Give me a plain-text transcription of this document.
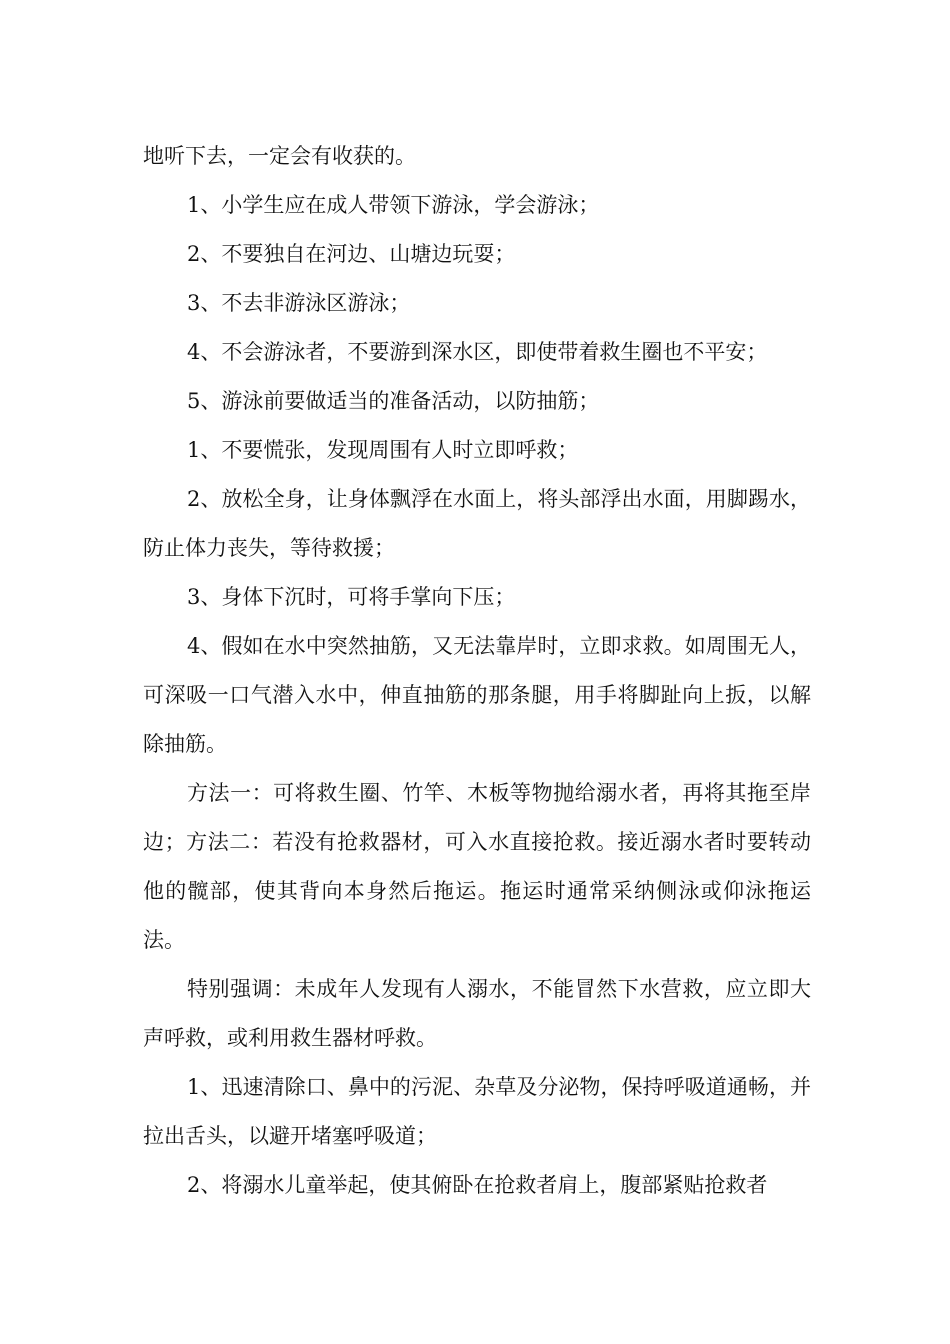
地听下去，一定会有收获的。

1、小学生应在成人带领下游泳，学会游泳；

2、不要独自在河边、山塘边玩耍；

3、不去非游泳区游泳；

4、不会游泳者，不要游到深水区，即使带着救生圈也不平安；

5、游泳前要做适当的准备活动，以防抽筋；

1、不要慌张，发现周围有人时立即呼救；

2、放松全身，让身体飘浮在水面上，将头部浮出水面，用脚踢水，防止体力丧失，等待救援；

3、身体下沉时，可将手掌向下压；

4、假如在水中突然抽筋，又无法靠岸时，立即求救。如周围无人，可深吸一口气潜入水中，伸直抽筋的那条腿，用手将脚趾向上扳，以解除抽筋。

方法一：可将救生圈、竹竿、木板等物抛给溺水者，再将其拖至岸边；方法二：若没有抢救器材，可入水直接抢救。接近溺水者时要转动他的髋部，使其背向本身然后拖运。拖运时通常采纳侧泳或仰泳拖运法。

特别强调：未成年人发现有人溺水，不能冒然下水营救，应立即大声呼救，或利用救生器材呼救。

1、迅速清除口、鼻中的污泥、杂草及分泌物，保持呼吸道通畅，并拉出舌头，以避开堵塞呼吸道；

2、将溺水儿童举起，使其俯卧在抢救者肩上，腹部紧贴抢救者
